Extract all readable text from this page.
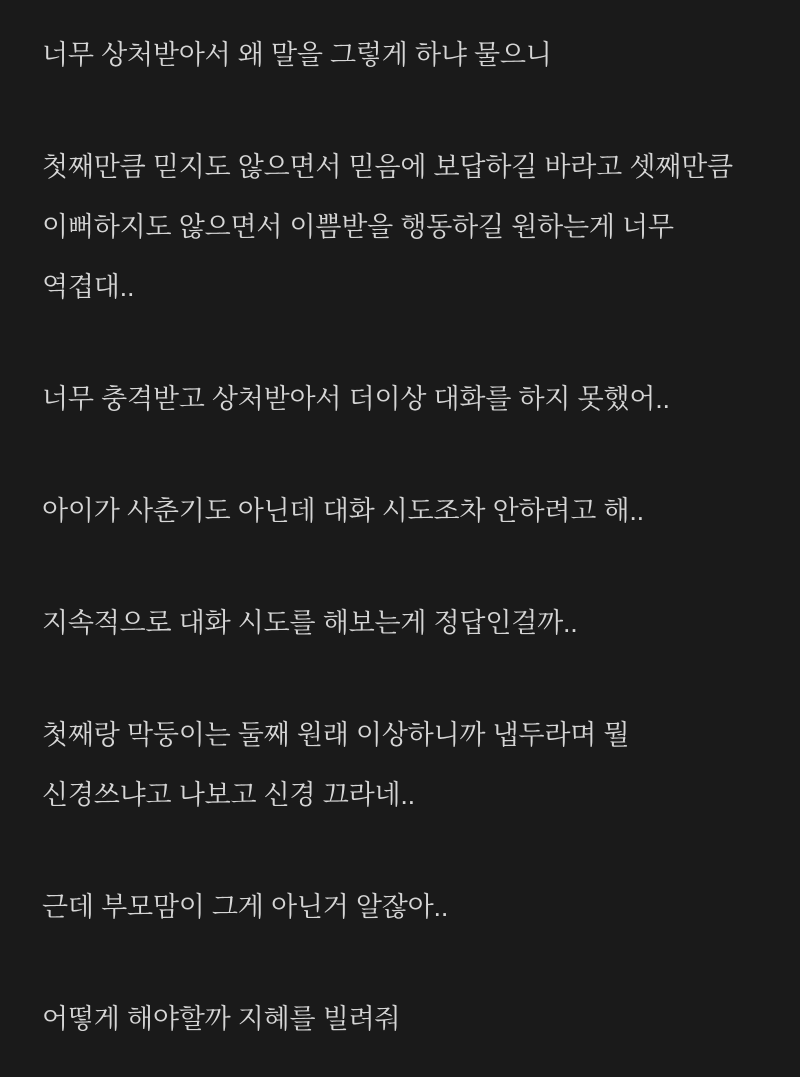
너무 상처받아서 왜 말을 그렇게 하냐 물으니

첫째만큼 믿지도 않으면서 믿음에 보답하길 바라고 셋째만큼
이뻐하지도 않으면서 이쁨받을 행동하길 원하는게 너무
역겹대..

너무 충격받고 상처받아서 더이상 대화를 하지 못했어..

아이가 사춘기도 아닌데 대화 시도조차 안하려고 해..

지속적으로 대화 시도를 해보는게 정답인걸까..

첫째랑 막둥이는 둘째 원래 이상하니까 냅두라며 뭘
신경쓰냐고 나보고 신경 끄라네..

근데 부모맘이 그게 아닌거 알잖아..

어떻게 해야할까 지혜를 빌려줘
